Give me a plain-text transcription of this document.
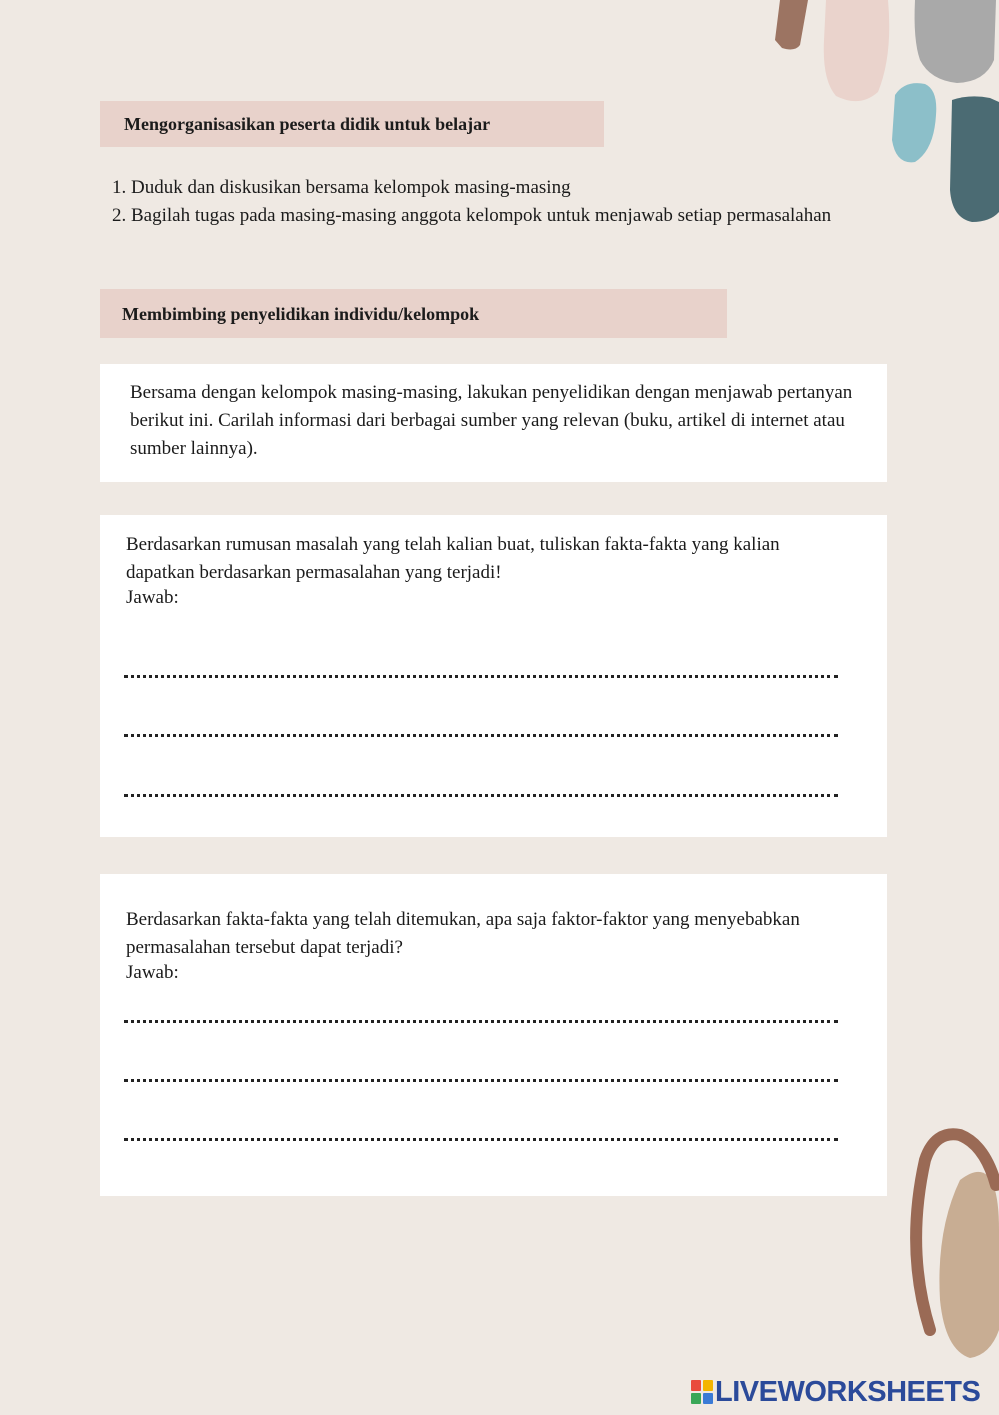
Mengorganisasikan peserta didik untuk belajar
1. Duduk dan diskusikan bersama kelompok masing-masing
2. Bagilah tugas pada masing-masing anggota kelompok untuk menjawab setiap permasalahan
Membimbing penyelidikan individu/kelompok

Bersama dengan kelompok masing-masing, lakukan penyelidikan dengan menjawab pertanyan berikut ini. Carilah informasi dari berbagai sumber yang relevan (buku, artikel di internet atau sumber lainnya).

Berdasarkan rumusan masalah yang telah kalian buat, tuliskan fakta-fakta yang kalian dapatkan berdasarkan permasalahan yang terjadi!

Jawab:

Berdasarkan fakta-fakta yang telah ditemukan, apa saja faktor-faktor yang menyebabkan permasalahan tersebut dapat terjadi?

Jawab:
LIVEWORKSHEETS
